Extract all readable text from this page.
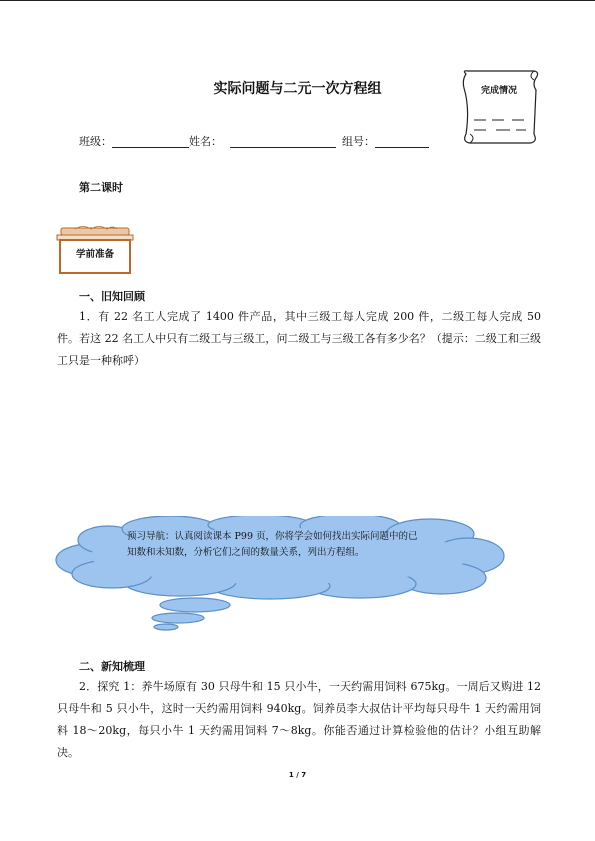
实际问题与二元一次方程组	完成情况
班级：	姓名：	组号：
第二课时
学前准备
一、旧知回顾
1．有 22 名工人完成了 1400 件产品，其中三级工每人完成 200 件，二级工每人完成 50 件。若这 22 名工人中只有二级工与三级工，问二级工与三级工各有多少名？（提示：二级工和三级工只是一种称呼）
预习导航：认真阅读课本 P99 页，你将学会如何找出实际问题中的已知数和未知数，分析它们之间的数量关系，列出方程组。
二、新知梳理
2．探究 1：养牛场原有 30 只母牛和 15 只小牛，一天约需用饲料 675kg。一周后又购进 12 只母牛和 5 只小牛，这时一天约需用饲料 940kg。饲养员李大叔估计平均每只母牛 1 天约需用饲料 18～20kg，每只小牛 1 天约需用饲料 7～8kg。你能否通过计算检验他的估计？小组互助解决。
1 / 7
